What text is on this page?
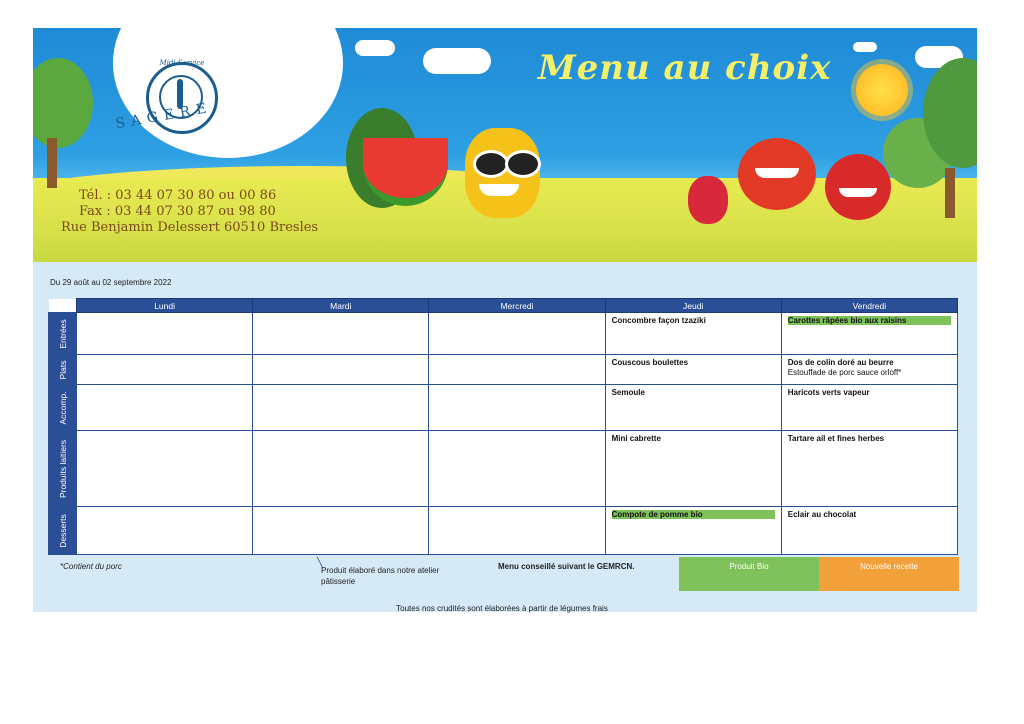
Midi Service
SAGERE
Menu au choix
Tél. : 03 44 07 30 80 ou 00 86
Fax : 03 44 07 30 87 ou 98 80
Rue Benjamin Delessert 60510 Bresles
Du 29 août au 02 septembre 2022
	Lundi	Mardi	Mercredi	Jeudi	Vendredi

Entrées				Concombre façon tzaziki	Carottes râpées bio aux raisins

Plats				Couscous boulettes	Dos de colin doré au beurre
Estouffade de porc sauce orloff*

Accomp.				Semoule	Haricots verts vapeur

Produits laitiers				Mini cabrette	Tartare ail et fines herbes

Desserts				Compote de pomme bio	Eclair au chocolat
*Contient du porc	╲
Produit élaboré dans notre atelier pâtisserie
Menu conseillé suivant le GEMRCN.	Produit Bio	Nouvelle recette
Toutes nos crudités sont élaborées à partir de légumes frais
